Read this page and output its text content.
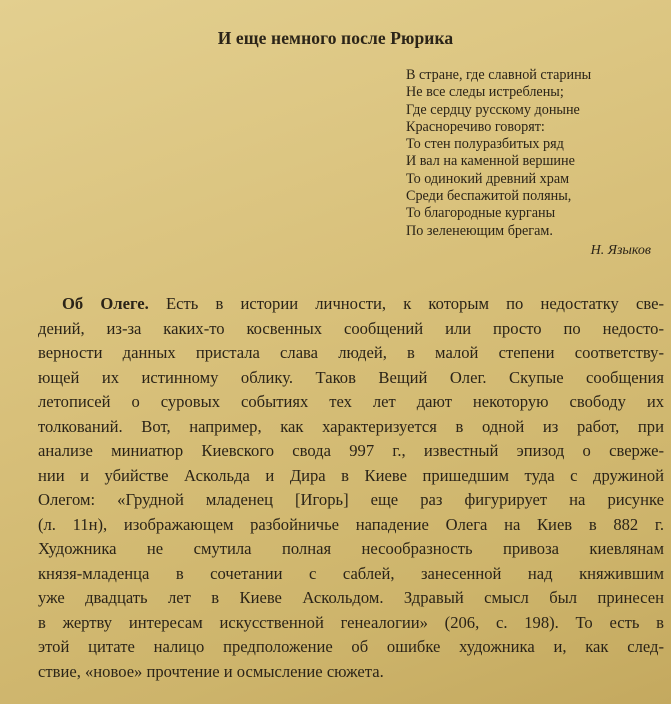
И еще немного после Рюрика
В стране, где славной старины
Не все следы истреблены;
Где сердцу русскому доныне
Красноречиво говорят:
То стен полуразбитых ряд
И вал на каменной вершине
То одинокий древний храм
Среди беспажитой поляны,
То благородные курганы
По зеленеющим брегам.
Н. Языков
Об Олеге. Есть в истории личности, к которым по недостатку све-
дений, из-за каких-то косвенных сообщений или просто по недосто-
верности данных пристала слава людей, в малой степени соответству-
ющей их истинному облику. Таков Вещий Олег. Скупые сообщения
летописей о суровых событиях тех лет дают некоторую свободу их
толкований. Вот, например, как характеризуется в одной из работ, при
анализе миниатюр Киевского свода 997 г., известный эпизод о сверже-
нии и убийстве Аскольда и Дира в Киеве пришедшим туда с дружиной
Олегом: «Грудной младенец [Игорь] еще раз фигурирует на рисунке
(л. 11н), изображающем разбойничье нападение Олега на Киев в 882 г.
Художника не смутила полная несообразность привоза киевлянам
князя-младенца в сочетании с саблей, занесенной над княжившим
уже двадцать лет в Киеве Аскольдом. Здравый смысл был принесен
в жертву интересам искусственной генеалогии» (206, с. 198). То есть в
этой цитате налицо предположение об ошибке художника и, как след-
ствие, «новое» прочтение и осмысление сюжета.
